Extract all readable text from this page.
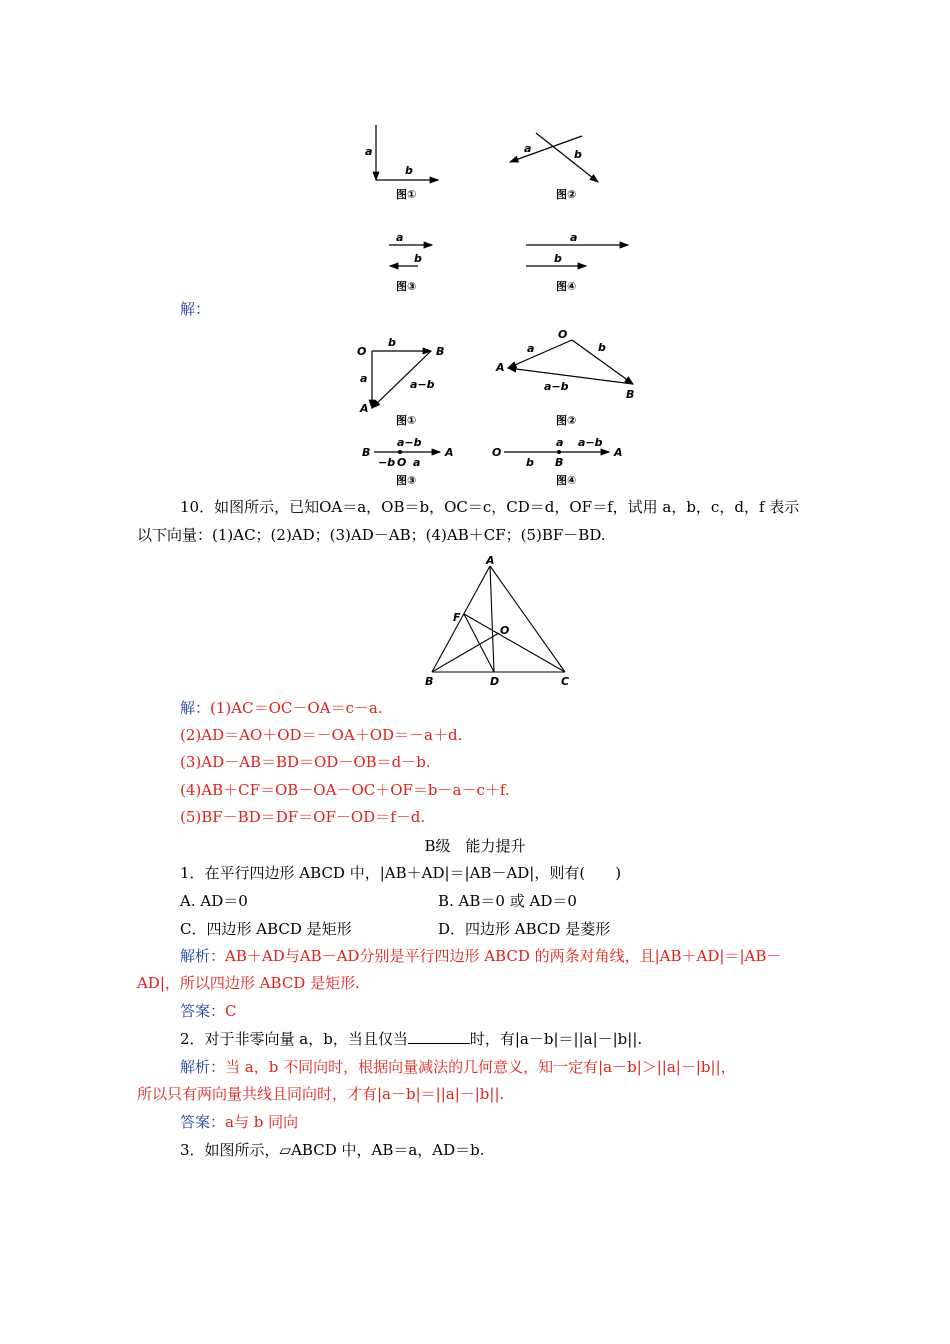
a
b
图①
a	b
图②
a
b
图③
a
b
图④
解：
O	B
A
a
b
a−b
图①
O
A
B
a	b
a−b
图②
B
O
A
a−b
−b a
图③
O
B
A
b
a a−b
图④
10．如图所示，已知OA＝a，OB＝b，OC＝c，CD＝d，OF＝f，试用 a，b，c，d，f 表示
以下向量：(1)AC；(2)AD；(3)AD－AB；(4)AB＋CF；(5)BF－BD.
A
F
O
B	D	C
解：(1)AC＝OC－OA＝c－a.
(2)AD＝AO＋OD＝－OA＋OD＝－a＋d.
(3)AD－AB＝BD＝OD－OB＝d－b.
(4)AB＋CF＝OB－OA－OC＋OF＝b－a－c＋f.
(5)BF－BD＝DF＝OF－OD＝f－d.
B级　能力提升
1．在平行四边形 ABCD 中，|AB＋AD|＝|AB－AD|，则有(　　)
A. AD＝0	B. AB＝0 或 AD＝0
C．四边形 ABCD 是矩形	D．四边形 ABCD 是菱形
解析：AB＋AD与AB－AD分别是平行四边形 ABCD 的两条对角线，且|AB＋AD|＝|AB－
AD|，所以四边形 ABCD 是矩形.
答案：C
2．对于非零向量 a，b，当且仅当	时，有|a－b|＝||a|－|b||.
解析：当 a，b 不同向时，根据向量减法的几何意义，知一定有|a－b|＞||a|－|b||，
所以只有两向量共线且同向时，才有|a－b|＝||a|－|b||.
答案：a与 b 同向
3．如图所示，▱ABCD 中，AB＝a，AD＝b.
